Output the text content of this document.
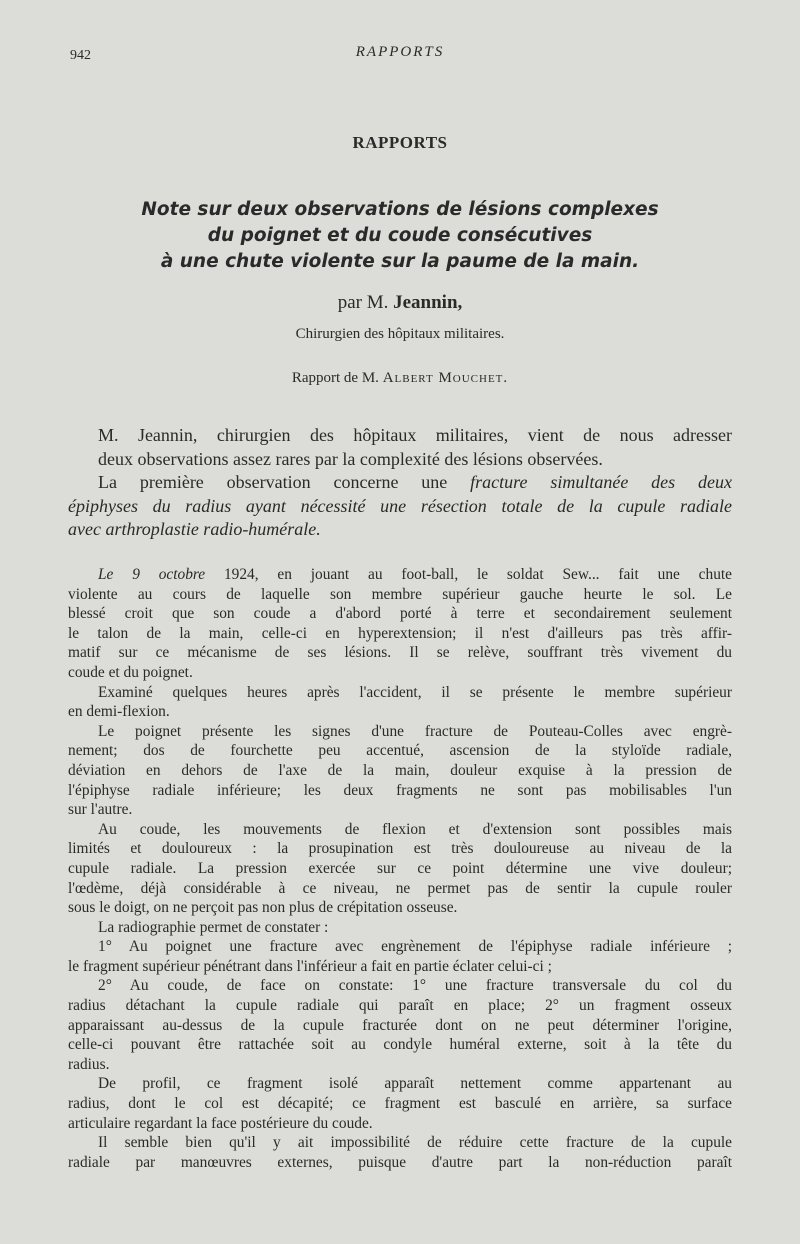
942	RAPPORTS
RAPPORTS
Note sur deux observations de lésions complexes
du poignet et du coude consécutives
à une chute violente sur la paume de la main.
par M. Jeannin,
Chirurgien des hôpitaux militaires.
Rapport de M. Albert Mouchet.

M. Jeannin, chirurgien des hôpitaux militaires, vient de nous adresser
deux observations assez rares par la complexité des lésions observées.

La première observation concerne une fracture simultanée des deux
épiphyses du radius ayant nécessité une résection totale de la cupule radiale
avec arthroplastie radio-humérale.

Le 9 octobre 1924, en jouant au foot-ball, le soldat Sew... fait une chute
violente au cours de laquelle son membre supérieur gauche heurte le sol. Le
blessé croit que son coude a d'abord porté à terre et secondairement seulement
le talon de la main, celle-ci en hyperextension; il n'est d'ailleurs pas très affir-
matif sur ce mécanisme de ses lésions. Il se relève, souffrant très vivement du
coude et du poignet.

Examiné quelques heures après l'accident, il se présente le membre supérieur
en demi-flexion.

Le poignet présente les signes d'une fracture de Pouteau-Colles avec engrè-
nement; dos de fourchette peu accentué, ascension de la styloïde radiale,
déviation en dehors de l'axe de la main, douleur exquise à la pression de
l'épiphyse radiale inférieure; les deux fragments ne sont pas mobilisables l'un
sur l'autre.

Au coude, les mouvements de flexion et d'extension sont possibles mais
limités et douloureux : la prosupination est très douloureuse au niveau de la
cupule radiale. La pression exercée sur ce point détermine une vive douleur;
l'œdème, déjà considérable à ce niveau, ne permet pas de sentir la cupule rouler
sous le doigt, on ne perçoit pas non plus de crépitation osseuse.

La radiographie permet de constater :

1° Au poignet une fracture avec engrènement de l'épiphyse radiale inférieure ;
le fragment supérieur pénétrant dans l'inférieur a fait en partie éclater celui-ci ;

2° Au coude, de face on constate: 1° une fracture transversale du col du
radius détachant la cupule radiale qui paraît en place; 2° un fragment osseux
apparaissant au-dessus de la cupule fracturée dont on ne peut déterminer l'origine,
celle-ci pouvant être rattachée soit au condyle huméral externe, soit à la tête du
radius.

De profil, ce fragment isolé apparaît nettement comme appartenant au
radius, dont le col est décapité; ce fragment est basculé en arrière, sa surface
articulaire regardant la face postérieure du coude.

Il semble bien qu'il y ait impossibilité de réduire cette fracture de la cupule
radiale par manœuvres externes, puisque d'autre part la non-réduction paraît
